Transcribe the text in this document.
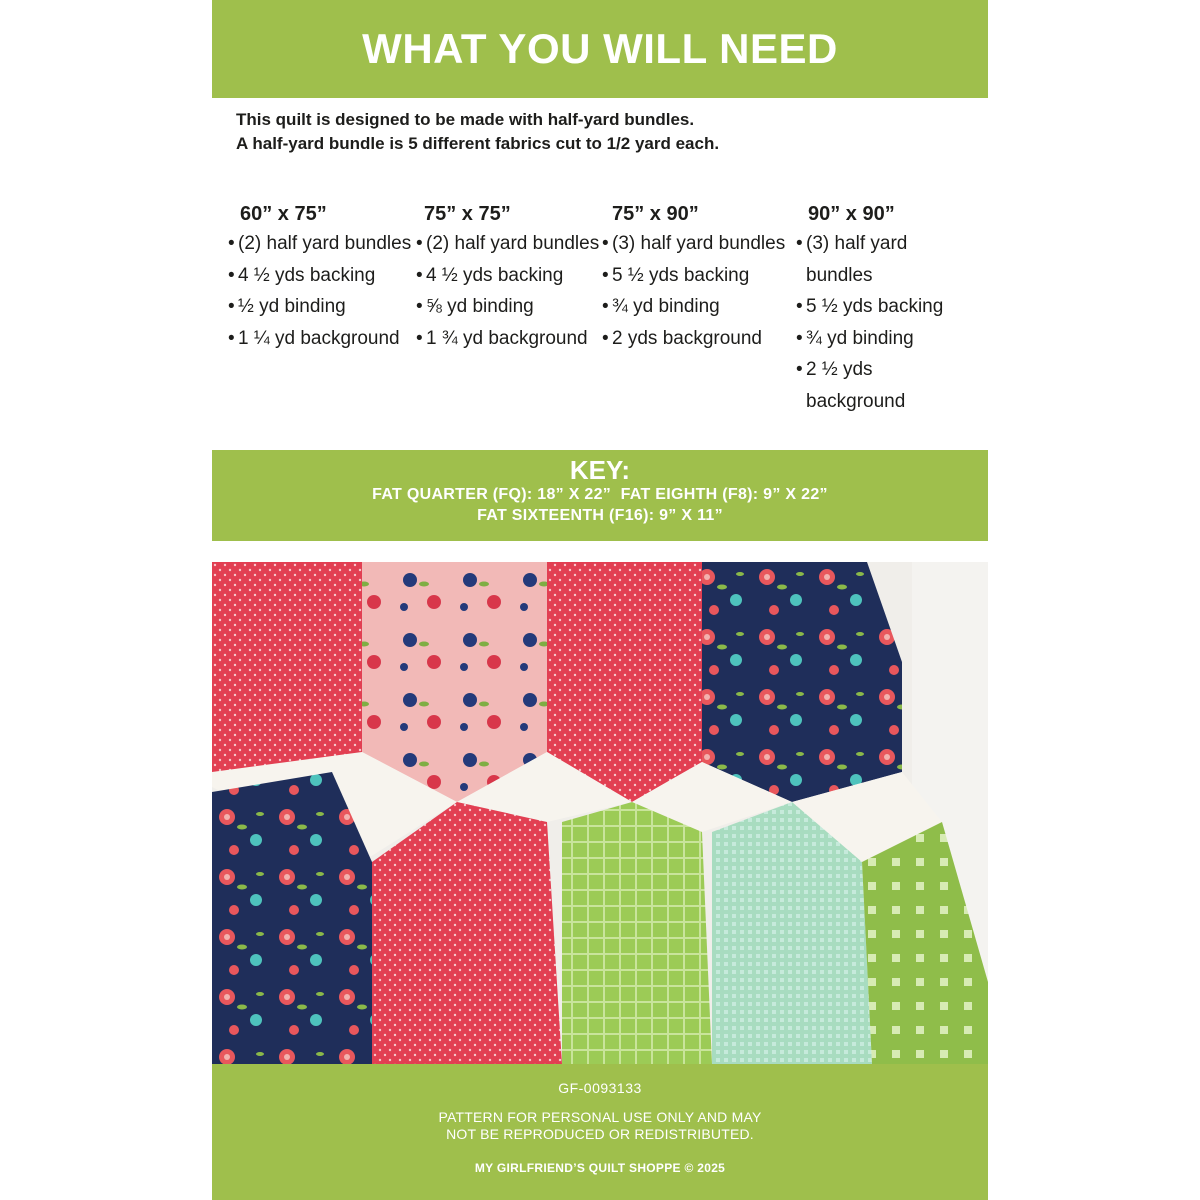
WHAT YOU WILL NEED
This quilt is designed to be made with half-yard bundles.
A half-yard bundle is 5 different fabrics cut to 1/2 yard each.
60” x 75”
• (2) half yard bundles
• 4 ½ yds backing
• ½ yd binding
• 1 ¼ yd background
75” x 75”
• (2) half yard bundles
• 4 ½ yds backing
• ⅝ yd binding
• 1 ¾ yd background
75” x 90”
• (3) half yard bundles
• 5 ½ yds backing
• ¾ yd binding
• 2 yds background
90” x 90”
• (3) half yard bundles
• 5 ½ yds backing
• ¾ yd binding
• 2 ½ yds background
KEY:
FAT QUARTER (FQ): 18” X 22”  FAT EIGHTH (F8): 9” X 22”
FAT SIXTEENTH (F16): 9” X 11”
GF-0093133
PATTERN FOR PERSONAL USE ONLY AND MAY
NOT BE REPRODUCED OR REDISTRIBUTED.
MY GIRLFRIEND’S QUILT SHOPPE © 2025
